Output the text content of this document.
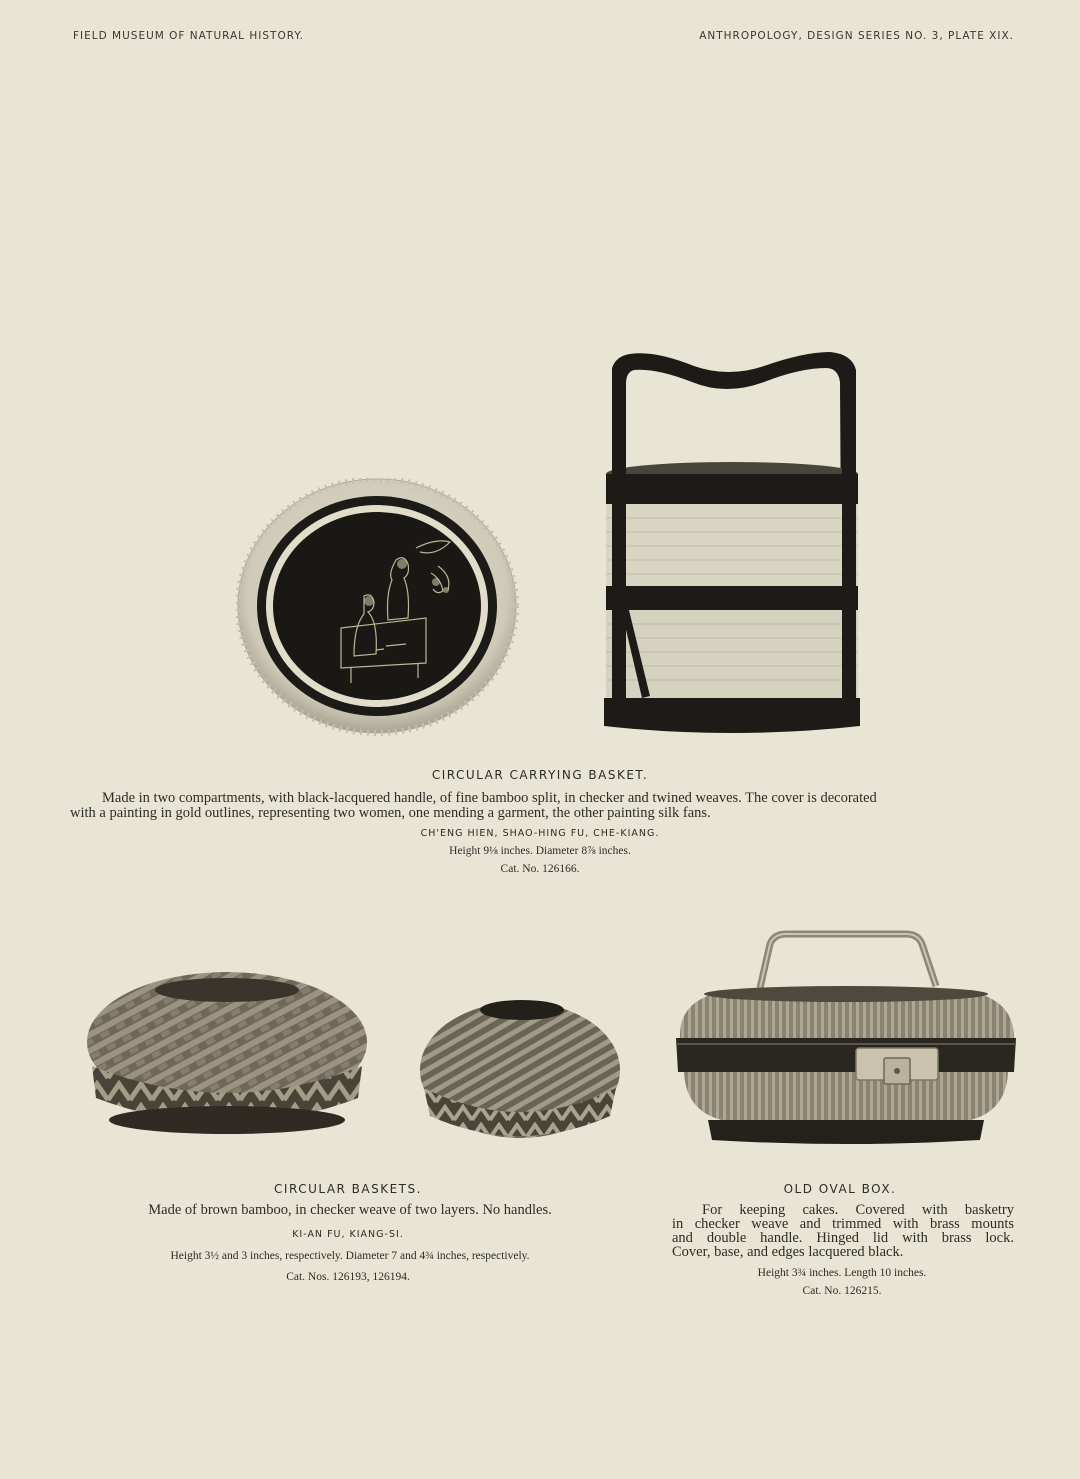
FIELD MUSEUM OF NATURAL HISTORY.	ANTHROPOLOGY, DESIGN SERIES NO. 3, PLATE XIX.
CIRCULAR CARRYING BASKET.
Made in two compartments, with black-lacquered handle, of fine bamboo split, in checker and twined weaves. The cover is decorated
with a painting in gold outlines, representing two women, one mending a garment, the other painting silk fans.
CH'ENG HIEN, SHAO-HING FU, CHE-KIANG.
Height 9⅛ inches. Diameter 8⅞ inches.
Cat. No. 126166.
CIRCULAR BASKETS.
Made of brown bamboo, in checker weave of two layers. No handles.
KI-AN FU, KIANG-SI.
Height 3½ and 3 inches, respectively. Diameter 7 and 4¾ inches, respectively.
Cat. Nos. 126193, 126194.
OLD OVAL BOX.
For keeping cakes. Covered with basketry
in checker weave and trimmed with brass mounts
and double handle. Hinged lid with brass lock.
Cover, base, and edges lacquered black.
Height 3¾ inches. Length 10 inches.
Cat. No. 126215.
